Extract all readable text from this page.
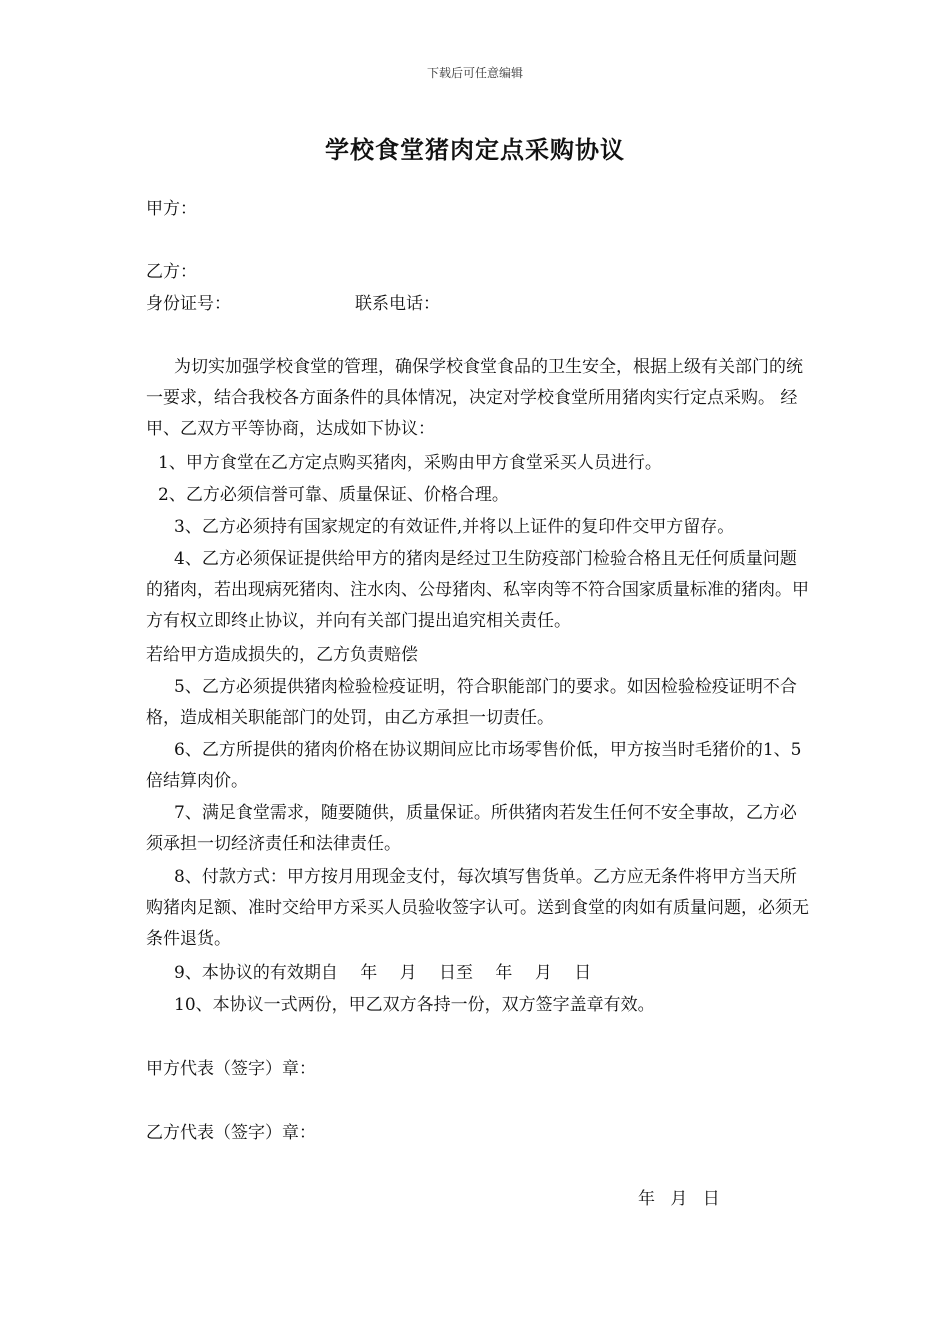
下载后可任意编辑
学校食堂猪肉定点采购协议
甲方：
乙方：
身份证号：	联系电话：
为切实加强学校食堂的管理，确保学校食堂食品的卫生安全，根据上级有关部门的统一要求，结合我校各方面条件的具体情况，决定对学校食堂所用猪肉实行定点采购。 经甲、乙双方平等协商，达成如下协议：
1、甲方食堂在乙方定点购买猪肉，采购由甲方食堂采买人员进行。
2、乙方必须信誉可靠、质量保证、价格合理。
3、乙方必须持有国家规定的有效证件,并将以上证件的复印件交甲方留存。
4、乙方必须保证提供给甲方的猪肉是经过卫生防疫部门检验合格且无任何质量问题的猪肉，若出现病死猪肉、注水肉、公母猪肉、私宰肉等不符合国家质量标准的猪肉。甲方有权立即终止协议，并向有关部门提出追究相关责任。
若给甲方造成损失的，乙方负责赔偿
5、乙方必须提供猪肉检验检疫证明，符合职能部门的要求。如因检验检疫证明不合格，造成相关职能部门的处罚，由乙方承担一切责任。
6、乙方所提供的猪肉价格在协议期间应比市场零售价低，甲方按当时毛猪价的1、5倍结算肉价。
7、满足食堂需求，随要随供，质量保证。所供猪肉若发生任何不安全事故，乙方必须承担一切经济责任和法律责任。
8、付款方式：甲方按月用现金支付，每次填写售货单。乙方应无条件将甲方当天所购猪肉足额、准时交给甲方采买人员验收签字认可。送到食堂的肉如有质量问题，必须无条件退货。
9、本协议的有效期自　 年　 月　 日至　 年　 月　 日
10、本协议一式两份，甲乙双方各持一份，双方签字盖章有效。
甲方代表（签字）章：
乙方代表（签字）章：
年 月 日
